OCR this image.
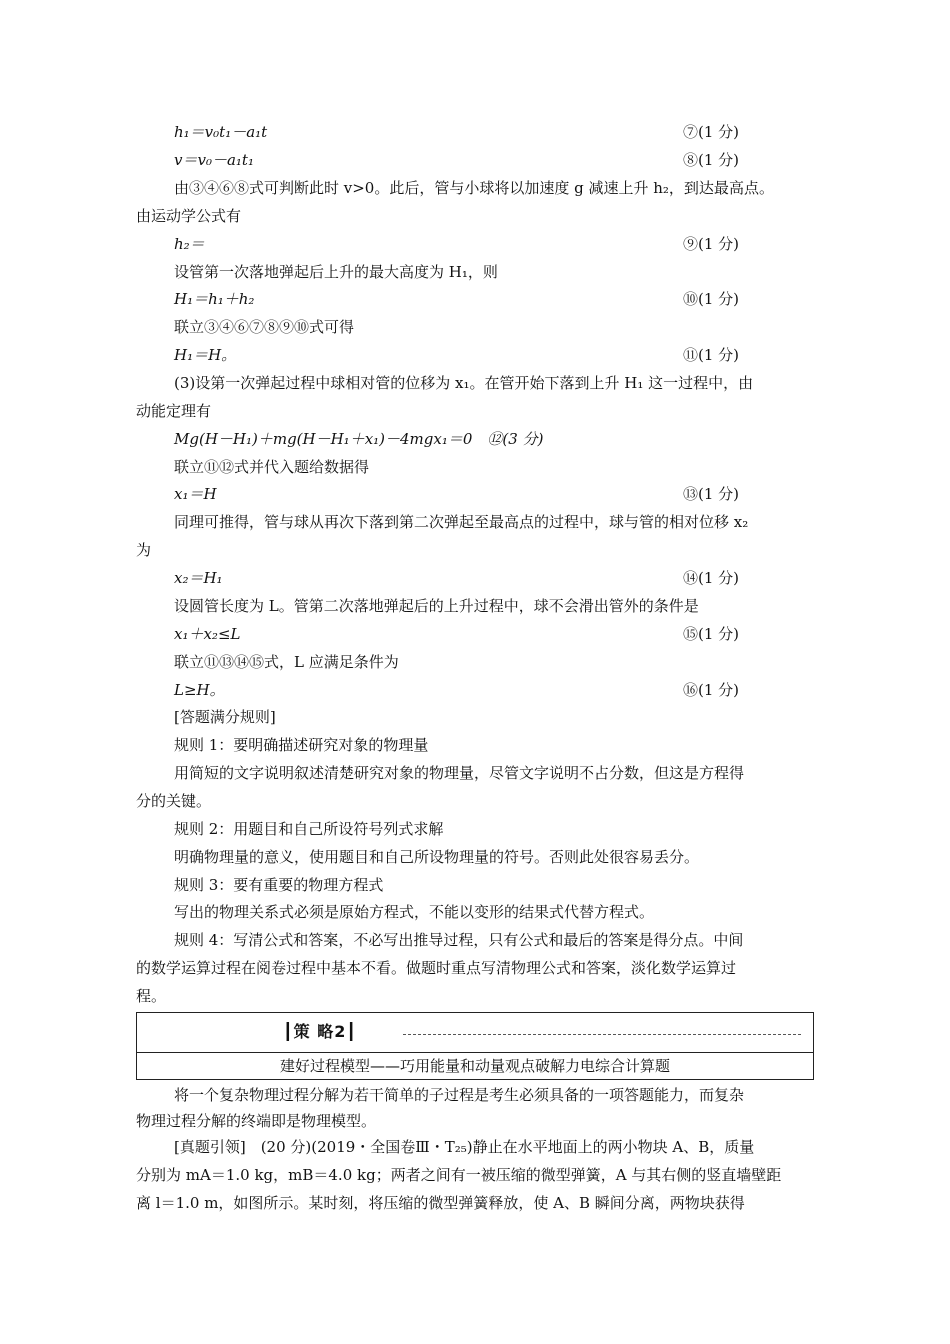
h₁＝v₀t₁－a₁t	⑦(1 分)
v＝v₀－a₁t₁	⑧(1 分)
由③④⑥⑧式可判断此时 v>0。此后，管与小球将以加速度 g 减速上升 h₂，到达最高点。
由运动学公式有
h₂＝	⑨(1 分)
设管第一次落地弹起后上升的最大高度为 H₁，则
H₁＝h₁＋h₂	⑩(1 分)
联立③④⑥⑦⑧⑨⑩式可得
H₁＝H。	⑪(1 分)
(3)设第一次弹起过程中球相对管的位移为 x₁。在管开始下落到上升 H₁ 这一过程中，由
动能定理有
Mg(H－H₁)＋mg(H－H₁＋x₁)－4mgx₁＝0　⑫(3 分)
联立⑪⑫式并代入题给数据得
x₁＝H	⑬(1 分)
同理可推得，管与球从再次下落到第二次弹起至最高点的过程中，球与管的相对位移 x₂
为
x₂＝H₁	⑭(1 分)
设圆管长度为 L。管第二次落地弹起后的上升过程中，球不会滑出管外的条件是
x₁＋x₂≤L	⑮(1 分)
联立⑪⑬⑭⑮式，L 应满足条件为
L≥H。	⑯(1 分)
[答题满分规则]
规则 1：要明确描述研究对象的物理量
用简短的文字说明叙述清楚研究对象的物理量，尽管文字说明不占分数，但这是方程得
分的关键。
规则 2：用题目和自己所设符号列式求解
明确物理量的意义，使用题目和自己所设物理量的符号。否则此处很容易丢分。
规则 3：要有重要的物理方程式
写出的物理关系式必须是原始方程式，不能以变形的结果式代替方程式。
规则 4：写清公式和答案，不必写出推导过程，只有公式和最后的答案是得分点。中间
的数学运算过程在阅卷过程中基本不看。做题时重点写清物理公式和答案，淡化数学运算过
程。
┃策 略2┃
建好过程模型——巧用能量和动量观点破解力电综合计算题
将一个复杂物理过程分解为若干简单的子过程是考生必须具备的一项答题能力，而复杂
物理过程分解的终端即是物理模型。
[真题引领]　(20 分)(2019・全国卷Ⅲ・T₂₅)静止在水平地面上的两小物块 A、B，质量
分别为 mA＝1.0 kg，mB＝4.0 kg；两者之间有一被压缩的微型弹簧，A 与其右侧的竖直墙壁距
离 l＝1.0 m，如图所示。某时刻，将压缩的微型弹簧释放，使 A、B 瞬间分离，两物块获得
